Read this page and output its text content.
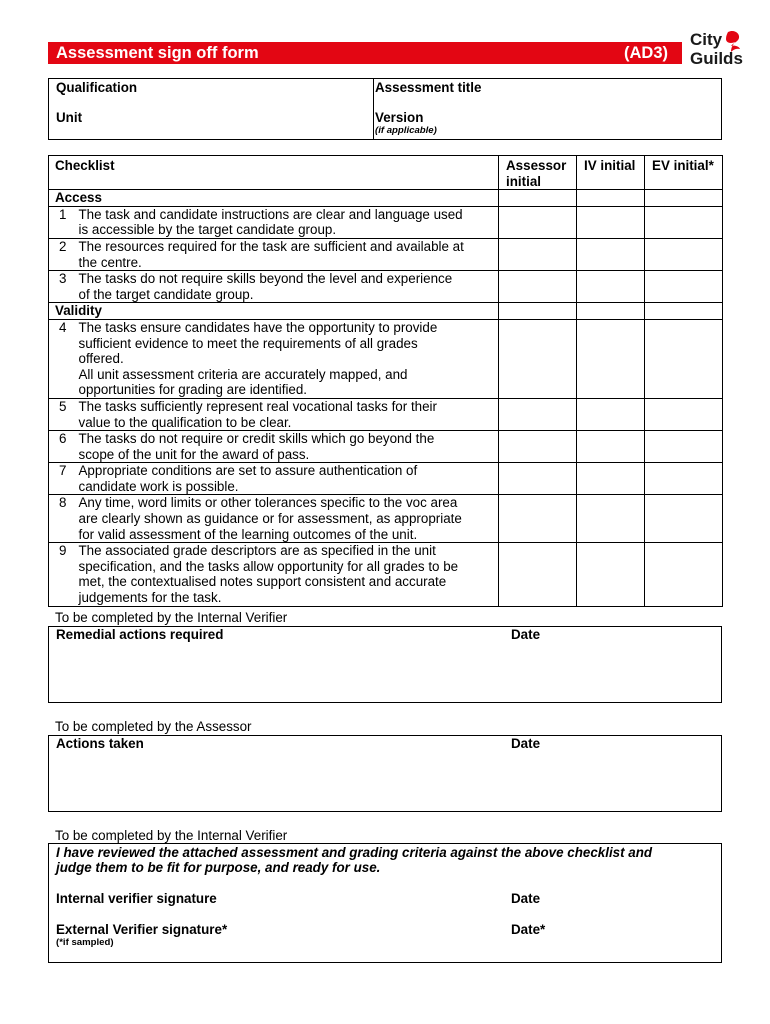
Assessment sign off form	(AD3)
City
Guilds
Qualification	Assessment title
Unit	Version
(if applicable)
Checklist		Assessor initial	IV initial	EV initial*
Access				
1	The task and candidate instructions are clear and language used
is accessible by the target candidate group.			

2	The resources required for the task are sufficient and available at
the centre.			

3	The tasks do not require skills beyond the level and experience
of the target candidate group.			

Validity				
4	The tasks ensure candidates have the opportunity to provide
sufficient evidence to meet the requirements of all grades
offered.
All unit assessment criteria are accurately mapped, and
opportunities for grading are identified.			

5	The tasks sufficiently represent real vocational tasks for their
value to the qualification to be clear.			

6	The tasks do not require or credit skills which go beyond the
scope of the unit for the award of pass.			

7	Appropriate conditions are set to assure authentication of
candidate work is possible.			

8	Any time, word limits or other tolerances specific to the voc area
are clearly shown as guidance or for assessment, as appropriate
for valid assessment of the learning outcomes of the unit.			

9	The associated grade descriptors are as specified in the unit
specification, and the tasks allow opportunity for all grades to be
met, the contextualised notes support consistent and accurate
judgements for the task.			

To be completed by the Internal Verifier
Remedial actions required	Date
To be completed by the Assessor
Actions taken	Date
To be completed by the Internal Verifier
I have reviewed the attached assessment and grading criteria against the above checklist and
judge them to be fit for purpose, and ready for use.
Internal verifier signature	Date
External Verifier signature*	Date*
(*if sampled)
